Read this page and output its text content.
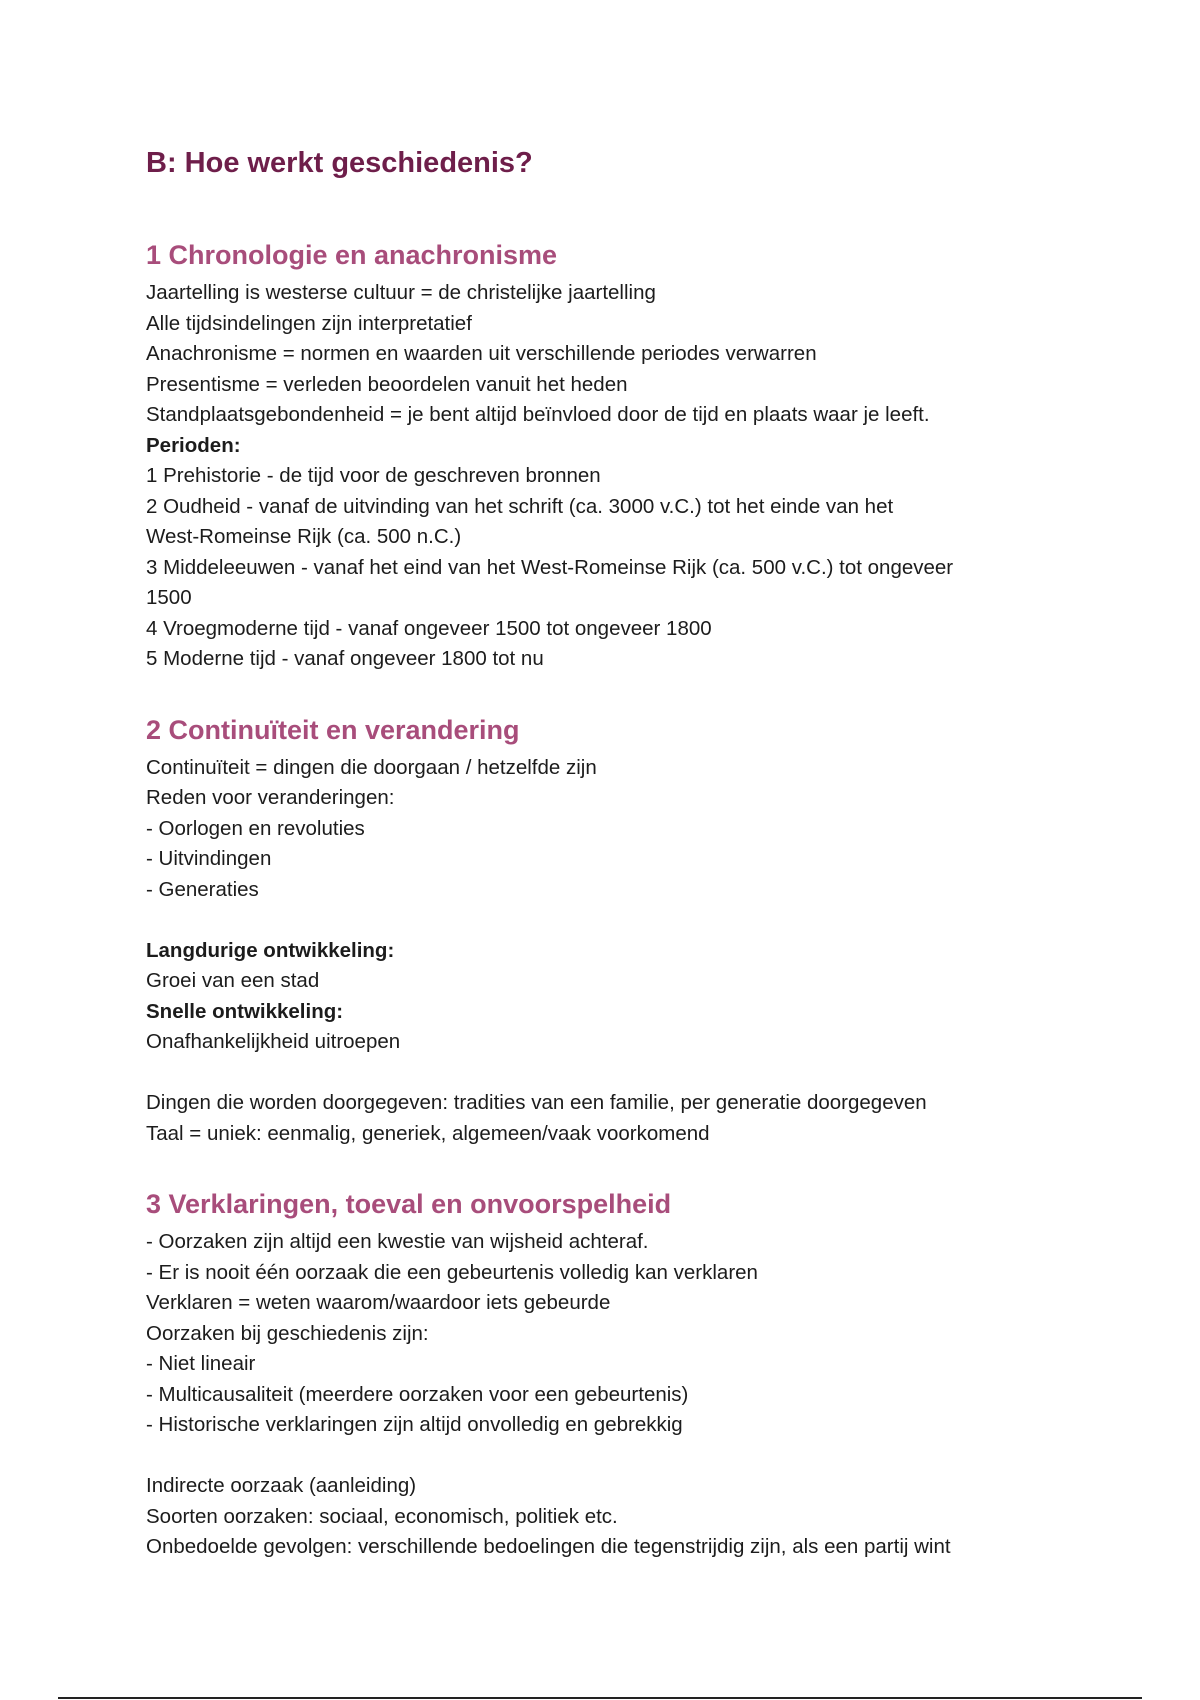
B: Hoe werkt geschiedenis?
1 Chronologie en anachronisme
Jaartelling is westerse cultuur = de christelijke jaartelling
Alle tijdsindelingen zijn interpretatief
Anachronisme = normen en waarden uit verschillende periodes verwarren
Presentisme = verleden beoordelen vanuit het heden
Standplaatsgebondenheid = je bent altijd beïnvloed door de tijd en plaats waar je leeft.
Perioden:
1 Prehistorie - de tijd voor de geschreven bronnen
2 Oudheid - vanaf de uitvinding van het schrift (ca. 3000 v.C.) tot het einde van het
West-Romeinse Rijk (ca. 500 n.C.)
3 Middeleeuwen - vanaf het eind van het West-Romeinse Rijk (ca. 500 v.C.) tot ongeveer
1500
4 Vroegmoderne tijd - vanaf ongeveer 1500 tot ongeveer 1800
5 Moderne tijd - vanaf ongeveer 1800 tot nu
2 Continuïteit en verandering
Continuïteit = dingen die doorgaan / hetzelfde zijn
Reden voor veranderingen:
- Oorlogen en revoluties
- Uitvindingen
- Generaties
Langdurige ontwikkeling:
Groei van een stad
Snelle ontwikkeling:
Onafhankelijkheid uitroepen
Dingen die worden doorgegeven: tradities van een familie, per generatie doorgegeven
Taal = uniek: eenmalig, generiek, algemeen/vaak voorkomend
3 Verklaringen, toeval en onvoorspelheid
- Oorzaken zijn altijd een kwestie van wijsheid achteraf.
- Er is nooit één oorzaak die een gebeurtenis volledig kan verklaren
Verklaren = weten waarom/waardoor iets gebeurde
Oorzaken bij geschiedenis zijn:
- Niet lineair
- Multicausaliteit (meerdere oorzaken voor een gebeurtenis)
- Historische verklaringen zijn altijd onvolledig en gebrekkig
Indirecte oorzaak (aanleiding)
Soorten oorzaken: sociaal, economisch, politiek etc.
Onbedoelde gevolgen: verschillende bedoelingen die tegenstrijdig zijn, als een partij wint
